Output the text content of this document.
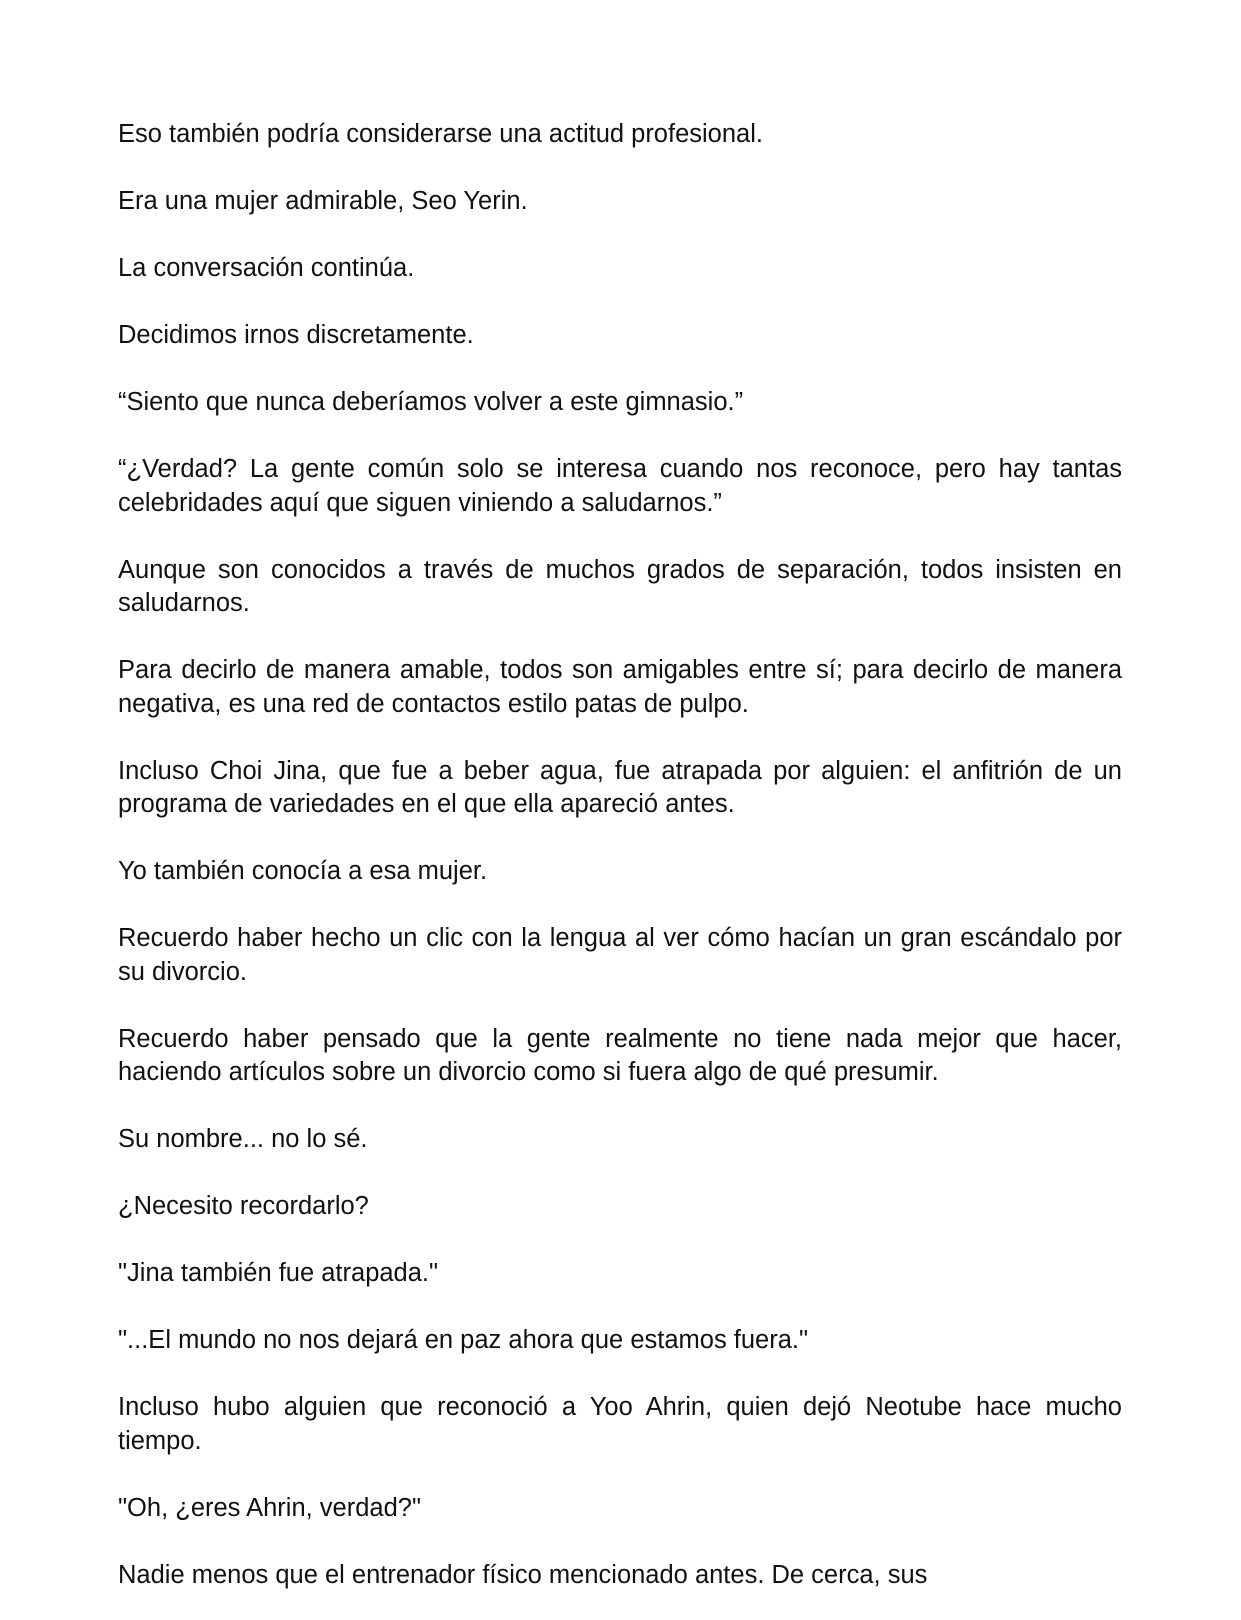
Eso también podría considerarse una actitud profesional.

Era una mujer admirable, Seo Yerin.

La conversación continúa.

Decidimos irnos discretamente.

“Siento que nunca deberíamos volver a este gimnasio.”

“¿Verdad? La gente común solo se interesa cuando nos reconoce, pero hay tantas celebridades aquí que siguen viniendo a saludarnos.”

Aunque son conocidos a través de muchos grados de separación, todos insisten en saludarnos.

Para decirlo de manera amable, todos son amigables entre sí; para decirlo de manera negativa, es una red de contactos estilo patas de pulpo.

Incluso Choi Jina, que fue a beber agua, fue atrapada por alguien: el anfitrión de un programa de variedades en el que ella apareció antes.

Yo también conocía a esa mujer.

Recuerdo haber hecho un clic con la lengua al ver cómo hacían un gran escándalo por su divorcio.

Recuerdo haber pensado que la gente realmente no tiene nada mejor que hacer, haciendo artículos sobre un divorcio como si fuera algo de qué presumir.

Su nombre... no lo sé.

¿Necesito recordarlo?

"Jina también fue atrapada."

"...El mundo no nos dejará en paz ahora que estamos fuera."

Incluso hubo alguien que reconoció a Yoo Ahrin, quien dejó Neotube hace mucho tiempo.

"Oh, ¿eres Ahrin, verdad?"

Nadie menos que el entrenador físico mencionado antes. De cerca, sus
